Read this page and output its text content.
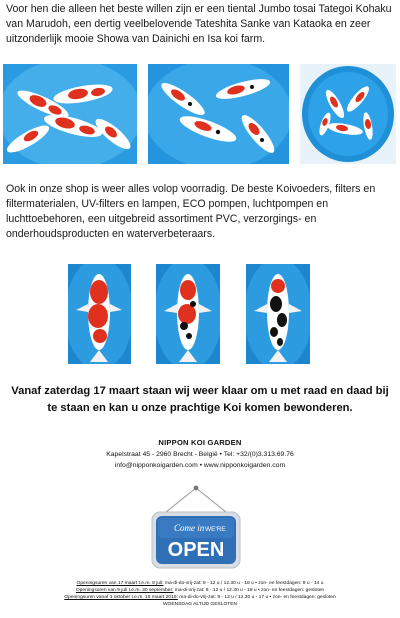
Voor hen die alleen het beste willen zijn er een tiental Jumbo tosai Tategoi Kohaku van Marudoh, een dertig veelbelovende Tateshita Sanke van Kataoka en zeer uitzonderlijk mooie Showa van Dainichi en Isa koi farm.
Ook in onze shop is weer alles volop voorradig. De beste Koivoeders, filters en filtermaterialen, UV-filters en lampen, ECO pompen, luchtpompen en luchttoebehoren, een uitgebreid assortiment PVC, verzorgings- en onderhoudsproducten en waterverbeteraars.
Vanaf zaterdag 17 maart staan wij weer klaar om u met raad en daad bij te staan en kan u onze prachtige Koi komen bewonderen.
NIPPON KOI GARDEN
Kapelstraat 45 - 2960 Brecht - België • Tel: +32/(0)3.313.69.76
info@nipponkoigarden.com • www.nipponkoigarden.com
Come in WE'RE
OPEN
Openingsuren van 17 maart t.e.m. 8 juli: ma-di-do-vrij-zat: 9 - 12 u / 12.30 u - 18 u • zon- en feestdagen: 9 u - 14 u
Openingsuren van 9 juli t.e.m. 30 september: ma-di-vrij-zat: 9 - 12 u / 12.30 u - 18 u • zon- en feestdagen: gesloten
Openingsuren vanaf 1 oktober t.e.m. 15 maart 2019: ma-di-do-vrij-zat: 9 - 12 u / 12.30 u - 17 u • zon- en feestdagen: gesloten
WOENSDAG ALTIJD GESLOTEN
